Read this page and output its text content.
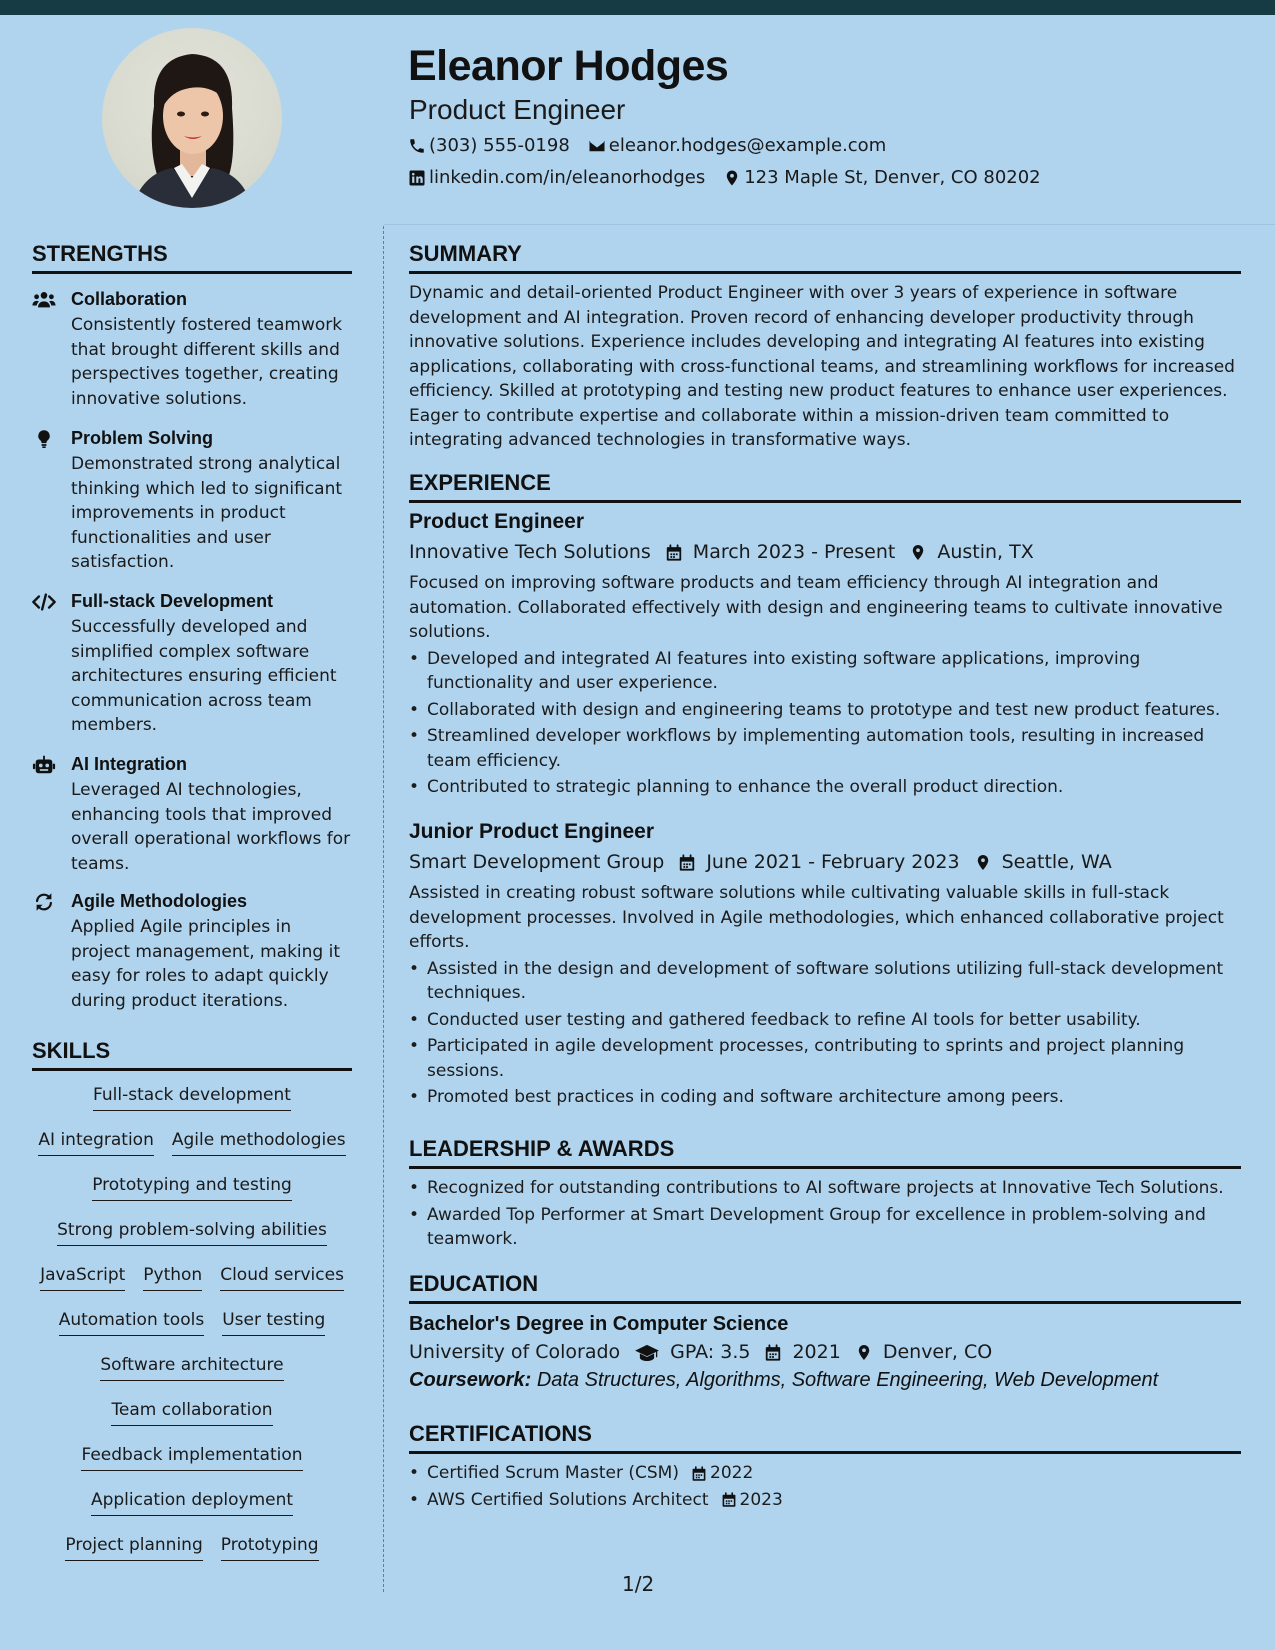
Eleanor Hodges
Product Engineer
(303) 555-0198 eleanor.hodges@example.com
linkedin.com/in/eleanorhodges 123 Maple St, Denver, CO 80202
STRENGTHS
Collaboration
Consistently fostered teamwork that brought different skills and perspectives together, creating innovative solutions.
Problem Solving
Demonstrated strong analytical thinking which led to significant improvements in product functionalities and user satisfaction.
Full-stack Development
Successfully developed and simplified complex software architectures ensuring efficient communication across team members.
AI Integration
Leveraged AI technologies, enhancing tools that improved overall operational workflows for teams.
Agile Methodologies
Applied Agile principles in project management, making it easy for roles to adapt quickly during product iterations.
SKILLS
Full-stack development
AI integration Agile methodologies
Prototyping and testing
Strong problem-solving abilities
JavaScript Python Cloud services
Automation tools User testing
Software architecture
Team collaboration
Feedback implementation
Application deployment
Project planning Prototyping
SUMMARY
Dynamic and detail-oriented Product Engineer with over 3 years of experience in software development and AI integration. Proven record of enhancing developer productivity through innovative solutions. Experience includes developing and integrating AI features into existing applications, collaborating with cross-functional teams, and streamlining workflows for increased efficiency. Skilled at prototyping and testing new product features to enhance user experiences. Eager to contribute expertise and collaborate within a mission-driven team committed to integrating advanced technologies in transformative ways.
EXPERIENCE
Product Engineer
Innovative Tech Solutions March 2023 - Present Austin, TX
Focused on improving software products and team efficiency through AI integration and automation. Collaborated effectively with design and engineering teams to cultivate innovative solutions.
• Developed and integrated AI features into existing software applications, improving functionality and user experience.
• Collaborated with design and engineering teams to prototype and test new product features.
• Streamlined developer workflows by implementing automation tools, resulting in increased team efficiency.
• Contributed to strategic planning to enhance the overall product direction.
Junior Product Engineer
Smart Development Group June 2021 - February 2023 Seattle, WA
Assisted in creating robust software solutions while cultivating valuable skills in full-stack development processes. Involved in Agile methodologies, which enhanced collaborative project efforts.
• Assisted in the design and development of software solutions utilizing full-stack development techniques.
• Conducted user testing and gathered feedback to refine AI tools for better usability.
• Participated in agile development processes, contributing to sprints and project planning sessions.
• Promoted best practices in coding and software architecture among peers.
LEADERSHIP & AWARDS
• Recognized for outstanding contributions to AI software projects at Innovative Tech Solutions.
• Awarded Top Performer at Smart Development Group for excellence in problem-solving and teamwork.
EDUCATION
Bachelor's Degree in Computer Science
University of Colorado	GPA: 3.5 2021 Denver, CO
Coursework: Data Structures, Algorithms, Software Engineering, Web Development
CERTIFICATIONS
• Certified Scrum Master (CSM) 2022
• AWS Certified Solutions Architect 2023
1/2
